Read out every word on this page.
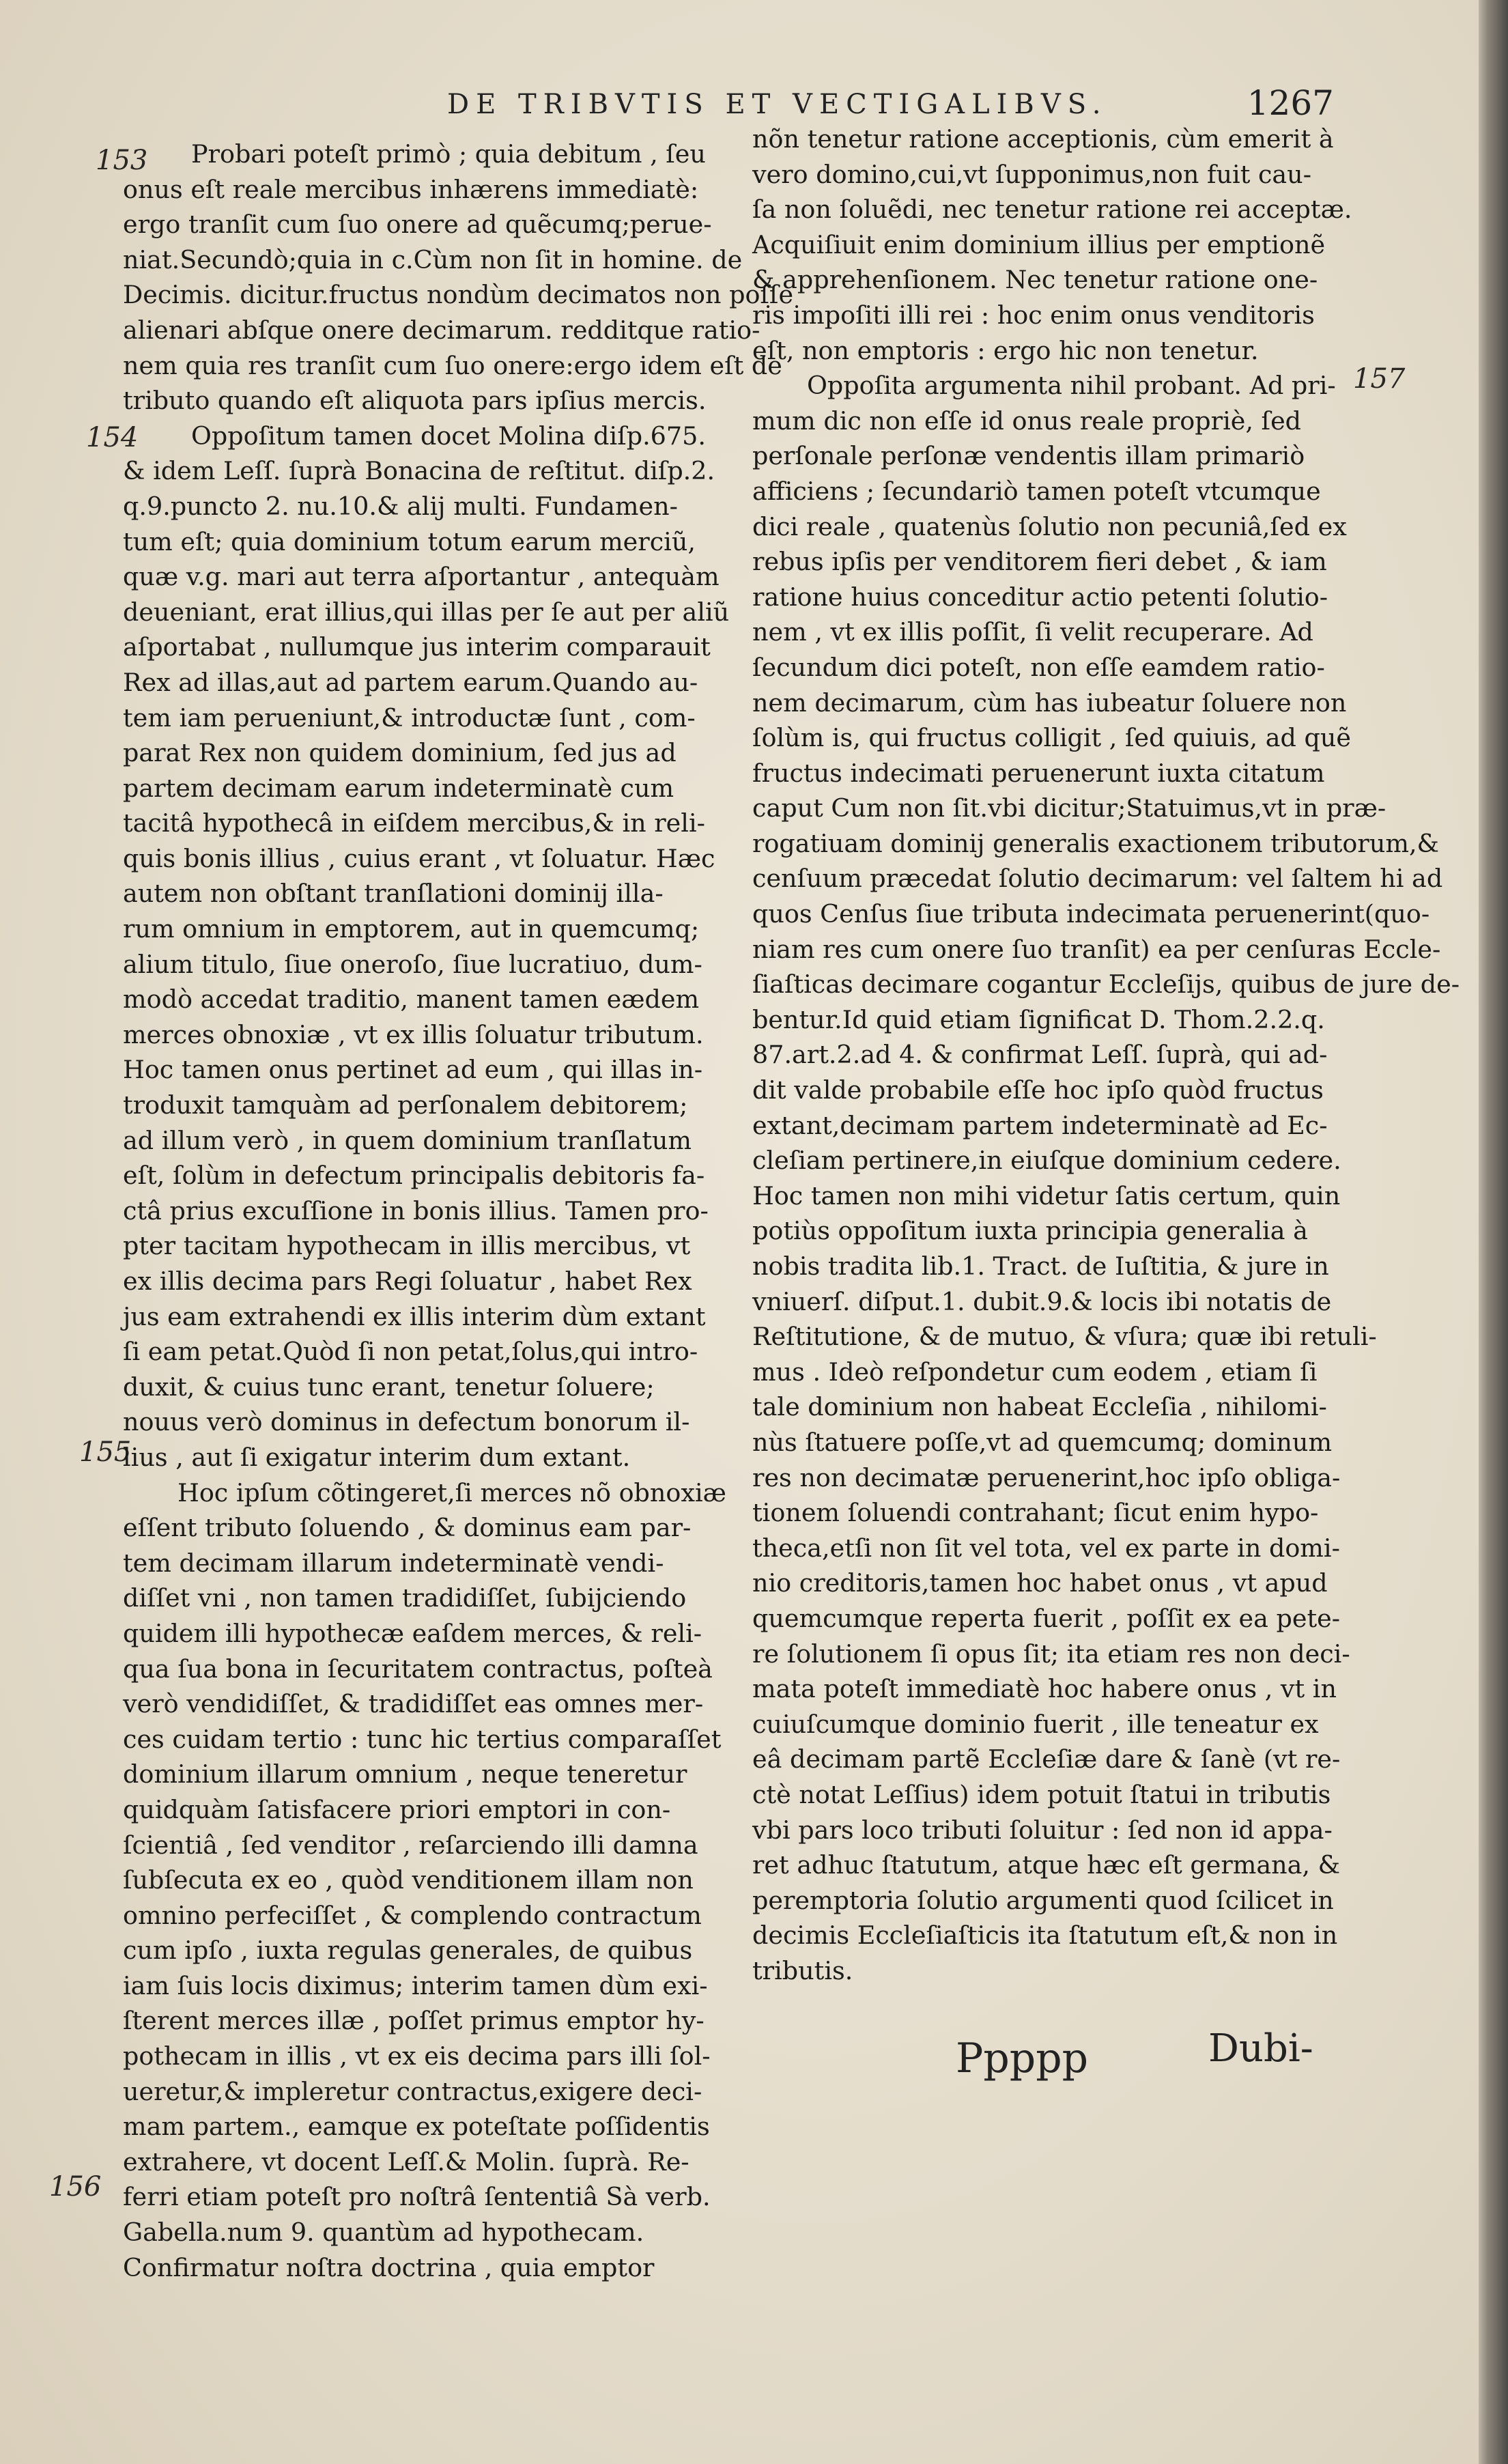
DE TRIBVTIS ET VECTIGALIBVS.	1267
153
154
155
156
157
Probari poteſt primò ; quia debitum , ſeu
onus eſt reale mercibus inhærens immediatè:
ergo tranſit cum ſuo onere ad quẽcumq;perue-
niat.Secundò;quia in c.Cùm non ſit in homine. de
Decimis. dicitur.fructus nondùm decimatos non poſſe
alienari abſque onere decimarum. redditque ratio-
nem quia res tranſit cum ſuo onere:ergo idem eſt de
tributo quando eſt aliquota pars ipſius mercis.
Oppoſitum tamen docet Molina diſp.675.
& idem Leſſ. ſuprà Bonacina de reſtitut. diſp.2.
q.9.punctо 2. nu.10.& alij multi. Fundamen-
tum eſt; quia dominium totum earum merciũ,
quæ v.g. mari aut terra aſportantur , antequàm
deueniant, erat illius,qui illas per ſe aut per aliũ
aſportabat , nullumque jus interim comparauit
Rex ad illas,aut ad partem earum.Quando au-
tem iam perueniunt,& introductæ ſunt , com-
parat Rex non quidem dominium, ſed jus ad
partem decimam earum indeterminatè cum
tacitâ hypothecâ in eiſdem mercibus,& in reli-
quis bonis illius , cuius erant , vt ſoluatur. Hæc
autem non obſtant tranſlationi dominij illa-
rum omnium in emptorem, aut in quemcumq;
alium titulo, ſiue oneroſo, ſiue lucratiuo, dum-
modò accedat traditio, manent tamen eædem
merces obnoxiæ , vt ex illis ſoluatur tributum.
Hoc tamen onus pertinet ad eum , qui illas in-
troduxit tamquàm ad perſonalem debitorem;
ad illum verò , in quem dominium tranſlatum
eſt, ſolùm in defectum principalis debitoris fa-
ctâ prius excuſſione in bonis illius. Tamen pro-
pter tacitam hypothecam in illis mercibus, vt
ex illis decima pars Regi ſoluatur , habet Rex
jus eam extrahendi ex illis interim dùm extant
ſi eam petat.Quòd ſi non petat,ſolus,qui intro-
duxit, & cuius tunc erant, tenetur ſoluere;
nouus verò dominus in defectum bonorum il-
lius , aut ſi exigatur interim dum extant.
Hoc ipſum cõtingeret,ſi merces nõ obnoxiæ
eſſent tributo ſoluendo , & dominus eam par-
tem decimam illarum indeterminatè vendi-
diſſet vni , non tamen tradidiſſet, ſubijciendo
quidem illi hypothecæ eaſdem merces, & reli-
qua ſua bona in ſecuritatem contractus, poſteà
verò vendidiſſet, & tradidiſſet eas omnes mer-
ces cuidam tertio : tunc hic tertius comparaſſet
dominium illarum omnium , neque teneretur
quidquàm ſatisfacere priori emptori in con-
ſcientiâ , ſed venditor , reſarciendo illi damna
ſubſecuta ex eo , quòd venditionem illam non
omnino perfeciſſet , & complendo contractum
cum ipſo , iuxta regulas generales, de quibus
iam ſuis locis diximus; interim tamen dùm exi-
ſterent merces illæ , poſſet primus emptor hy-
pothecam in illis , vt ex eis decima pars illi ſol-
ueretur,& impleretur contractus,exigere deci-
mam partem., eamque ex poteſtate poſſidentis
extrahere, vt docent Leſſ.& Molin. ſuprà. Re-
ferri etiam poteſt pro noſtrâ ſententiâ Sà verb.
Gabella.num 9. quantùm ad hypothecam.
Confirmatur noſtra doctrina , quia emptor
nõn tenetur ratione acceptionis, cùm emerit à
vero domino,cui,vt ſupponimus,non fuit cau-
ſa non ſoluẽdi, nec tenetur ratione rei acceptæ.
Acquiſiuit enim dominium illius per emptionẽ
& apprehenſionem. Nec tenetur ratione one-
ris impoſiti illi rei : hoc enim onus venditoris
eſt, non emptoris : ergo hic non tenetur.
Oppoſita argumenta nihil probant. Ad pri-
mum dic non eſſe id onus reale propriè, ſed
perſonale perſonæ vendentis illam primariò
afficiens ; ſecundariò tamen poteſt vtcumque
dici reale , quatenùs ſolutio non pecuniâ,ſed ex
rebus ipſis per venditorem fieri debet , & iam
ratione huius conceditur actio petenti ſolutio-
nem , vt ex illis poſſit, ſi velit recuperare. Ad
ſecundum dici poteſt, non eſſe eamdem ratio-
nem decimarum, cùm has iubeatur ſoluere non
ſolùm is, qui fructus colligit , ſed quiuis, ad quẽ
fructus indecimati peruenerunt iuxta citatum
caput Cum non ſit.vbi dicitur;Statuimus,vt in præ-
rogatiuam dominij generalis exactionem tributorum,&
cenſuum præcedat ſolutio decimarum: vel ſaltem hi ad
quos Cenſus ſiue tributa indecimata peruenerint(quo-
niam res cum onere ſuo tranſit) ea per cenſuras Eccle-
ſiaſticas decimare cogantur Eccleſijs, quibus de jure de-
bentur.Id quid etiam ſignificat D. Thom.2.2.q.
87.art.2.ad 4. & confirmat Leſſ. ſuprà, qui ad-
dit valde probabile eſſe hoc ipſo quòd fructus
extant,decimam partem indeterminatè ad Ec-
cleſiam pertinere,in eiuſque dominium cedere.
Hoc tamen non mihi videtur ſatis certum, quin
potiùs oppoſitum iuxta principia generalia à
nobis tradita lib.1. Tract. de Iuſtitia, & jure in
vniuerſ. diſput.1. dubit.9.& locis ibi notatis de
Reſtitutione, & de mutuo, & vſura; quæ ibi retuli-
mus . Ideò reſpondetur cum eodem , etiam ſi
tale dominium non habeat Eccleſia , nihilomi-
nùs ſtatuere poſſe,vt ad quemcumq; dominum
res non decimatæ peruenerint,hoc ipſo obliga-
tionem ſoluendi contrahant; ſicut enim hypo-
theca,etſi non ſit vel tota, vel ex parte in domi-
nio creditoris,tamen hoc habet onus , vt apud
quemcumque reperta fuerit , poſſit ex ea pete-
re ſolutionem ſi opus ſit; ita etiam res non deci-
mata poteſt immediatè hoc habere onus , vt in
cuiuſcumque dominio fuerit , ille teneatur ex
eâ decimam partẽ Eccleſiæ dare & ſanè (vt re-
ctè notat Leſſius) idem potuit ſtatui in tributis
vbi pars loco tributi ſoluitur : ſed non id appa-
ret adhuc ſtatutum, atque hæc eſt germana, &
peremptoria ſolutio argumenti quod ſcilicet in
decimis Eccleſiaſticis ita ſtatutum eſt,& non in
tributis.
Ppppp	Dubi-
